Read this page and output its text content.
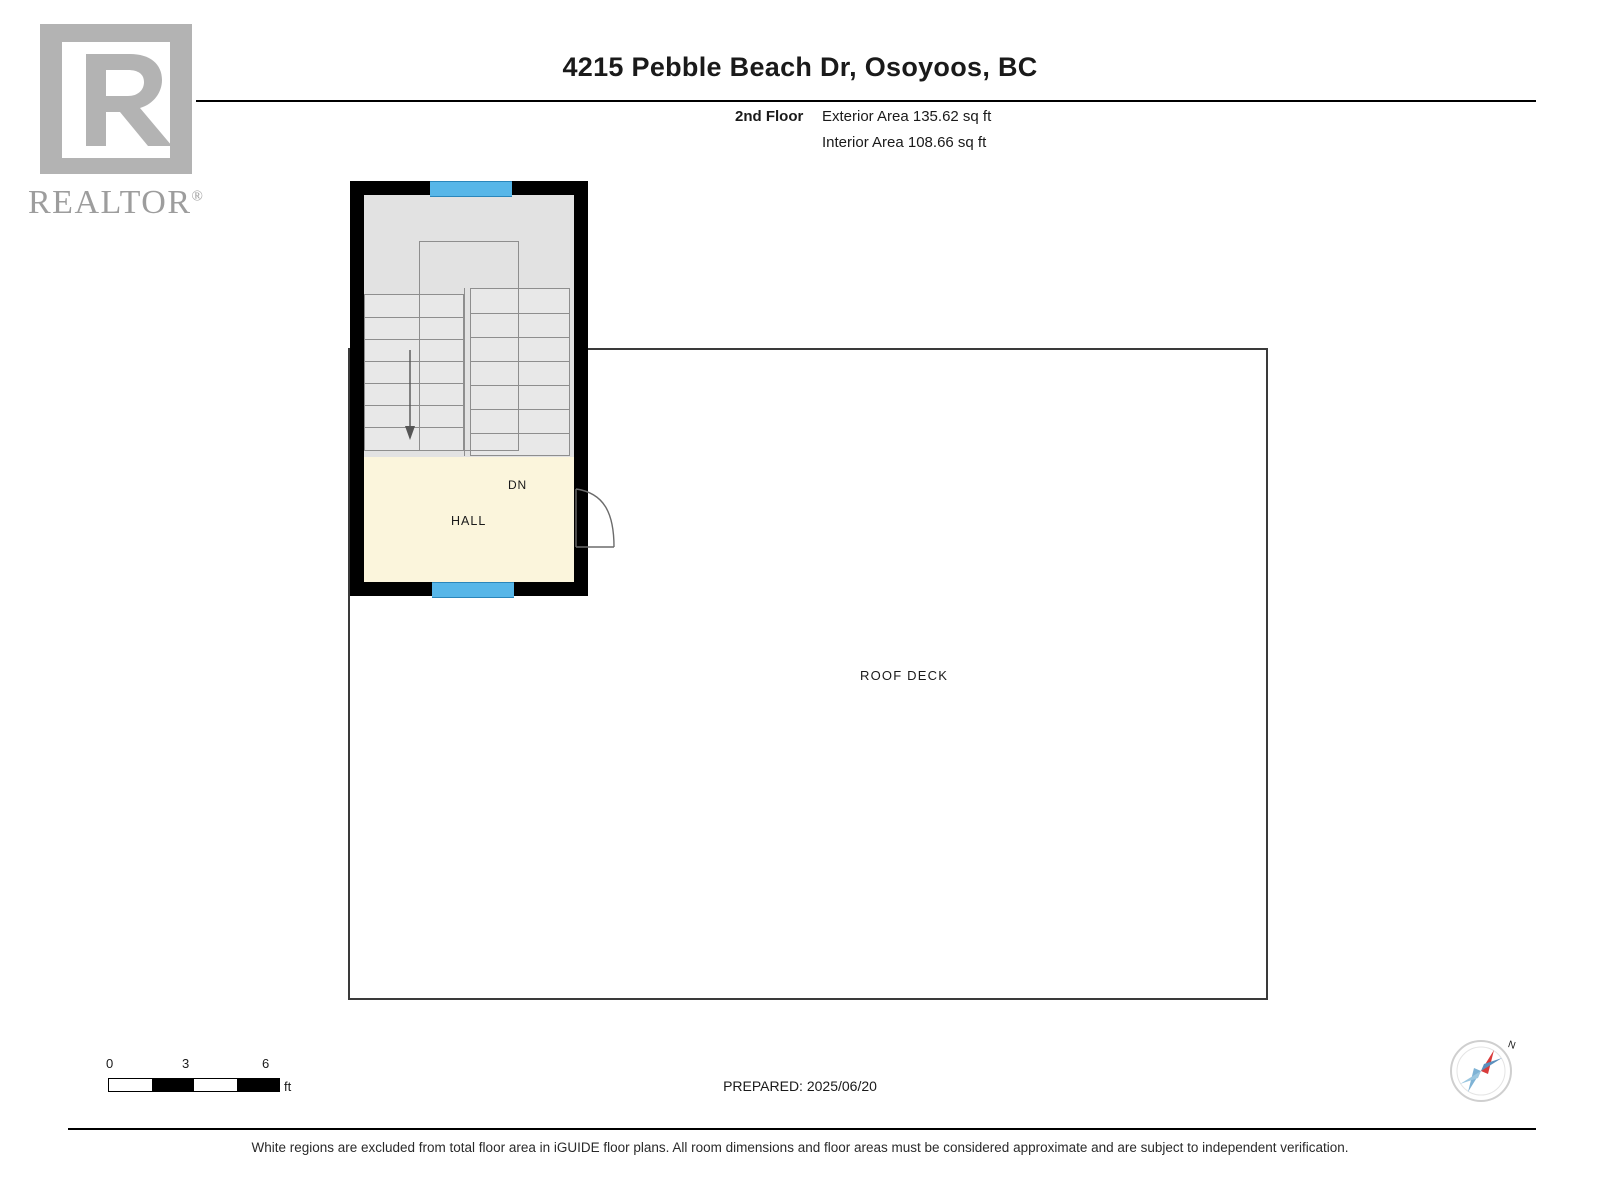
REALTOR®
4215 Pebble Beach Dr, Osoyoos, BC
2nd Floor Exterior Area 135.62 sq ft
Interior Area 108.66 sq ft
ROOF DECK
HALL
DN
0	3	6
ft	PREPARED: 2025/06/20
N
White regions are excluded from total floor area in iGUIDE floor plans. All room dimensions and floor areas must be considered approximate and are subject to independent verification.
